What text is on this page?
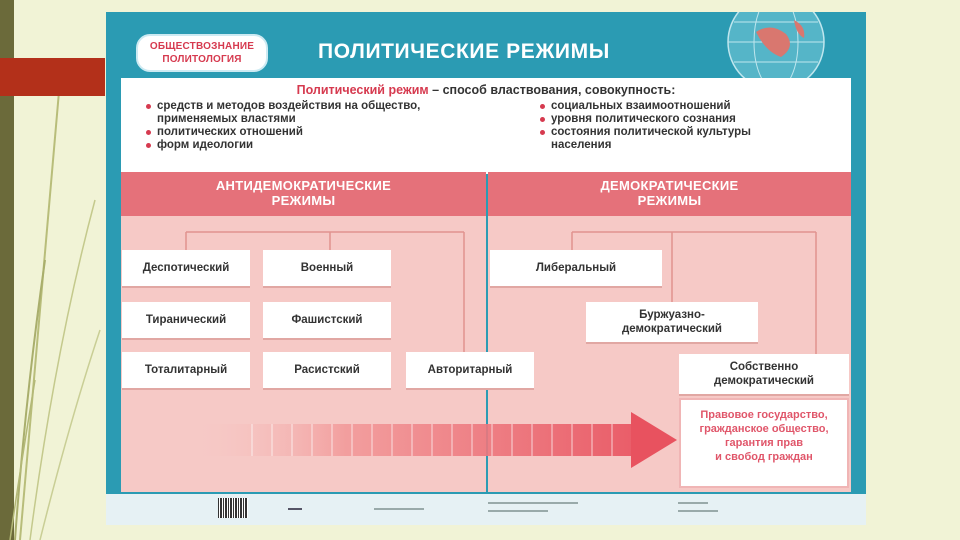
ОБЩЕСТВОЗНАНИЕ
ПОЛИТОЛОГИЯ	ПОЛИТИЧЕСКИЕ РЕЖИМЫ
Политический режим – способ властвования, совокупность:
средств и методов воздействия на общество,
применяемых властями
политических отношений
форм идеологии
социальных взаимоотношений
уровня политического сознания
состояния политической культуры
населения
АНТИДЕМОКРАТИЧЕСКИЕ
РЕЖИМЫ
ДЕМОКРАТИЧЕСКИЕ
РЕЖИМЫ
Деспотический	Военный
Тиранический	Фашистский
Тоталитарный	Расистский	Авторитарный
Либеральный
Буржуазно-
демократический
Собственно
демократический
Правовое государство,
гражданское общество,
гарантия прав
и свобод граждан
